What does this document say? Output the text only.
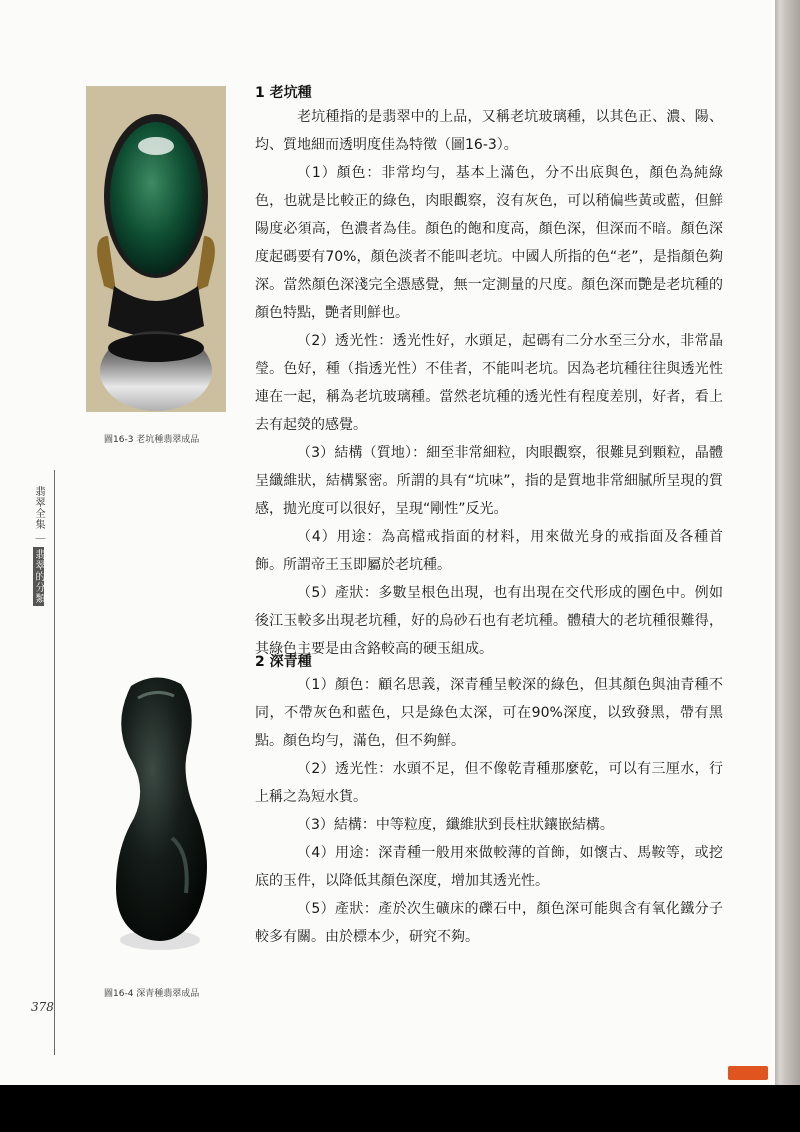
圖16-3 老坑種翡翠成品
圖16-4 深青種翡翠成品
翡翠全集｜翡翠的分類
378
1 老坑種

老坑種指的是翡翠中的上品，又稱老坑玻璃種，以其色正、濃、陽、均、質地細而透明度佳為特徵（圖16-3）。

（1）顏色：非常均勻，基本上滿色，分不出底與色，顏色為純綠色，也就是比較正的綠色，肉眼觀察，沒有灰色，可以稍偏些黃或藍，但鮮陽度必須高，色濃者為佳。顏色的飽和度高，顏色深，但深而不暗。顏色深度起碼要有70%，顏色淡者不能叫老坑。中國人所指的色“老”，是指顏色夠深。當然顏色深淺完全憑感覺，無一定測量的尺度。顏色深而艷是老坑種的顏色特點，艷者則鮮也。

（2）透光性：透光性好，水頭足，起碼有二分水至三分水，非常晶瑩。色好，種（指透光性）不佳者，不能叫老坑。因為老坑種往往與透光性連在一起，稱為老坑玻璃種。當然老坑種的透光性有程度差別，好者，看上去有起熒的感覺。

（3）結構（質地）：細至非常細粒，肉眼觀察，很難見到顆粒，晶體呈纖維狀，結構緊密。所謂的具有“坑味”，指的是質地非常細膩所呈現的質感，拋光度可以很好，呈現“剛性”反光。

（4）用途：為高檔戒指面的材料，用來做光身的戒指面及各種首飾。所謂帝王玉即屬於老坑種。

（5）產狀：多數呈根色出現，也有出現在交代形成的團色中。例如後江玉較多出現老坑種，好的烏砂石也有老坑種。體積大的老坑種很難得，其綠色主要是由含鉻較高的硬玉組成。

2 深青種

（1）顏色：顧名思義，深青種呈較深的綠色，但其顏色與油青種不同，不帶灰色和藍色，只是綠色太深，可在90%深度，以致發黑，帶有黑點。顏色均勻，滿色，但不夠鮮。

（2）透光性：水頭不足，但不像乾青種那麼乾，可以有三厘水，行上稱之為短水貨。

（3）結構：中等粒度，纖維狀到長柱狀鑲嵌結構。

（4）用途：深青種一般用來做較薄的首飾，如懷古、馬鞍等，或挖底的玉件，以降低其顏色深度，增加其透光性。

（5）產狀：產於次生礦床的礫石中，顏色深可能與含有氧化鐵分子較多有關。由於標本少，研究不夠。
